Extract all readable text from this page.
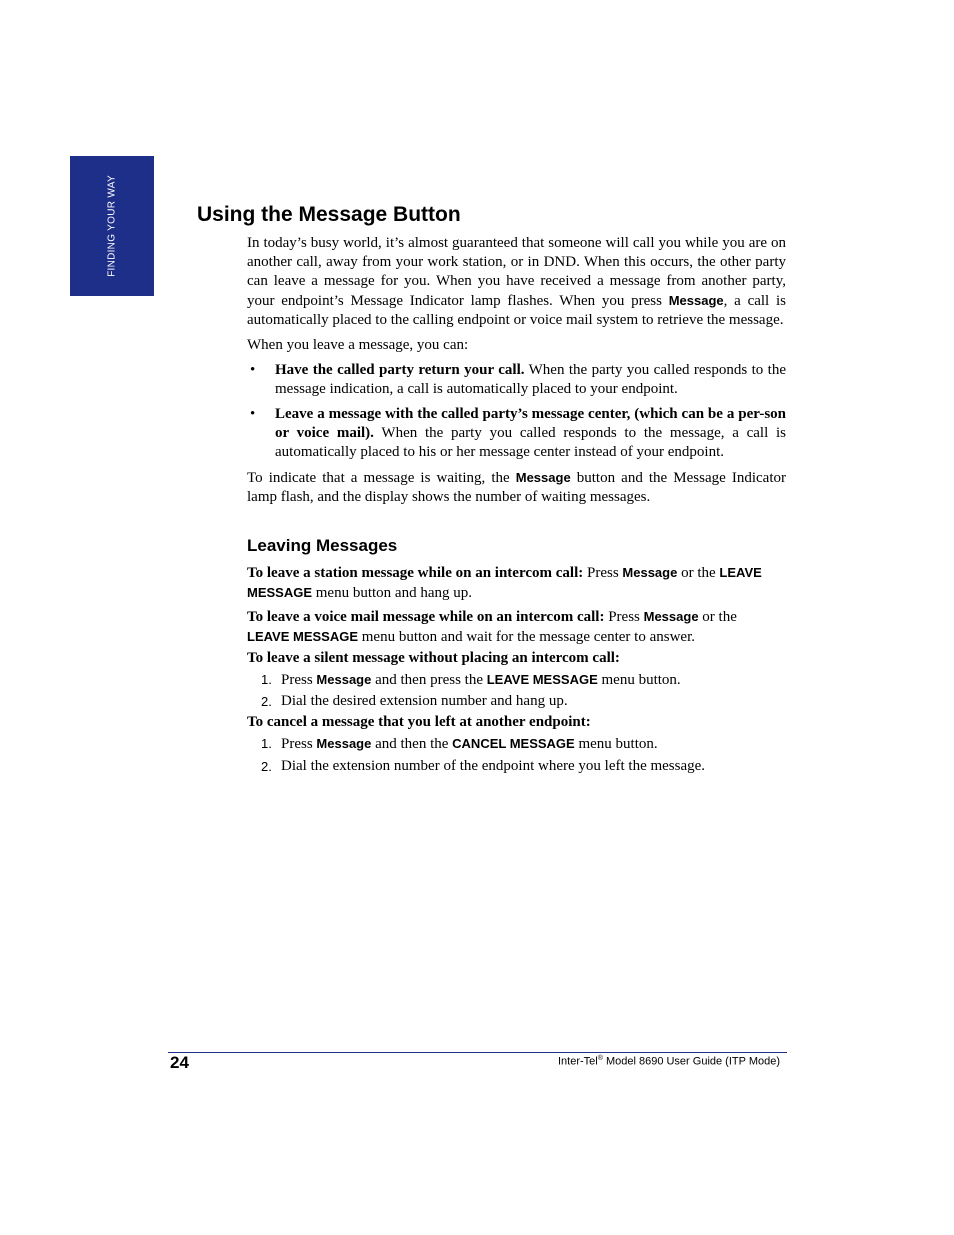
FINDING YOUR WAY	Using the Message Button

In today’s busy world, it’s almost guaranteed that someone will call you while you are on another call, away from your work station, or in DND. When this occurs, the other party can leave a message for you. When you have received a message from another party, your endpoint’s Message Indicator lamp flashes. When you press Message, a call is automatically placed to the calling endpoint or voice mail system to retrieve the message.

When you leave a message, you can:

• Have the called party return your call. When the party you called responds to the message indication, a call is automatically placed to your endpoint.

• Leave a message with the called party’s message center, (which can be a per-son or voice mail). When the party you called responds to the message, a call is automatically placed to his or her message center instead of your endpoint.

To indicate that a message is waiting, the Message button and the Message Indicator lamp flash, and the display shows the number of waiting messages.

Leaving Messages

To leave a station message while on an intercom call: Press Message or the LEAVE MESSAGE menu button and hang up.

To leave a voice mail message while on an intercom call: Press Message or the
LEAVE MESSAGE menu button and wait for the message center to answer.

To leave a silent message without placing an intercom call:

1. Press Message and then press the LEAVE MESSAGE menu button.

2. Dial the desired extension number and hang up.

To cancel a message that you left at another endpoint:

1. Press Message and then the CANCEL MESSAGE menu button.

2. Dial the extension number of the endpoint where you left the message.

24	Inter-Tel® Model 8690 User Guide (ITP Mode)
